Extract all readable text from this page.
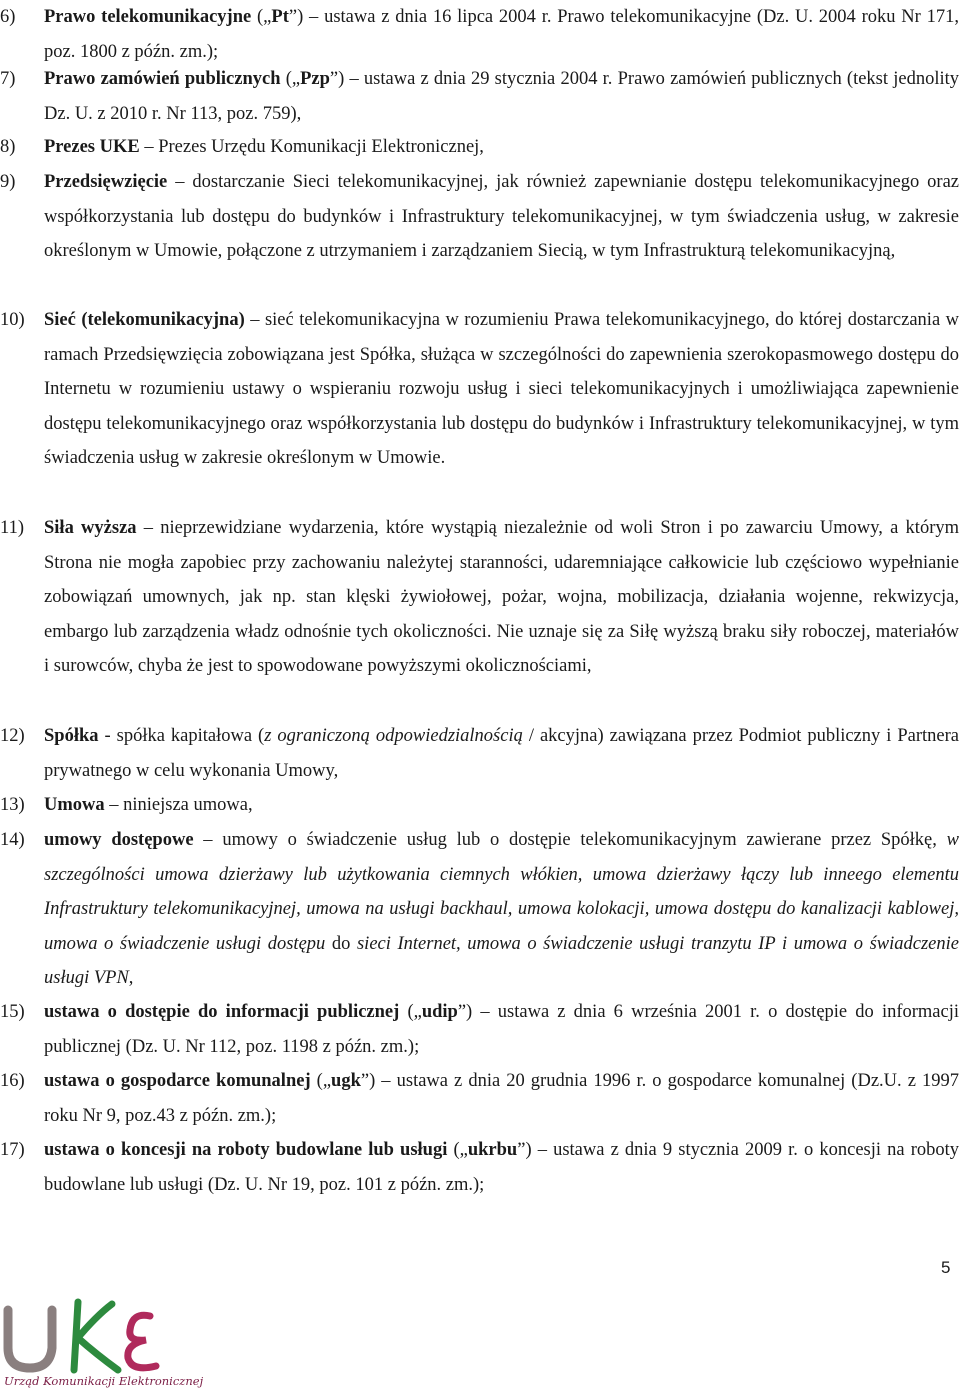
6) Prawo telekomunikacyjne („Pt”) – ustawa z dnia 16 lipca 2004 r. Prawo telekomunikacyjne (Dz. U. 2004 roku Nr 171, poz. 1800 z późn. zm.);
7) Prawo zamówień publicznych („Pzp”) – ustawa z dnia 29 stycznia 2004 r. Prawo zamówień publicznych (tekst jednolity Dz. U. z 2010 r. Nr 113, poz. 759),
8) Prezes UKE – Prezes Urzędu Komunikacji Elektronicznej,
9) Przedsięwzięcie – dostarczanie Sieci telekomunikacyjnej, jak również zapewnianie dostępu telekomunikacyjnego oraz współkorzystania lub dostępu do budynków i Infrastruktury telekomunikacyjnej, w tym świadczenia usług, w zakresie określonym w Umowie, połączone z utrzymaniem i zarządzaniem Siecią, w tym Infrastrukturą telekomunikacyjną,
10) Sieć (telekomunikacyjna) – sieć telekomunikacyjna w rozumieniu Prawa telekomunikacyjnego, do której dostarczania w ramach Przedsięwzięcia zobowiązana jest Spółka, służąca w szczególności do zapewnienia szerokopasmowego dostępu do Internetu w rozumieniu ustawy o wspieraniu rozwoju usług i sieci telekomunikacyjnych i umożliwiająca zapewnienie dostępu telekomunikacyjnego oraz współkorzystania lub dostępu do budynków i Infrastruktury telekomunikacyjnej, w tym świadczenia usług w zakresie określonym w Umowie.
11) Siła wyższa – nieprzewidziane wydarzenia, które wystąpią niezależnie od woli Stron i po zawarciu Umowy, a którym Strona nie mogła zapobiec przy zachowaniu należytej staranności, udaremniające całkowicie lub częściowo wypełnianie zobowiązań umownych, jak np. stan klęski żywiołowej, pożar, wojna, mobilizacja, działania wojenne, rekwizycja, embargo lub zarządzenia władz odnośnie tych okoliczności. Nie uznaje się za Siłę wyższą braku siły roboczej, materiałów i surowców, chyba że jest to spowodowane powyższymi okolicznościami,
12) Spółka - spółka kapitałowa (z ograniczoną odpowiedzialnością / akcyjna) zawiązana przez Podmiot publiczny i Partnera prywatnego w celu wykonania Umowy,
13) Umowa – niniejsza umowa,
14) umowy dostępowe – umowy o świadczenie usług lub o dostępie telekomunikacyjnym zawierane przez Spółkę, w szczególności umowa dzierżawy lub użytkowania ciemnych włókien, umowa dzierżawy łączy lub inneego elementu Infrastruktury telekomunikacyjnej, umowa na usługi backhaul, umowa kolokacji, umowa dostępu do kanalizacji kablowej, umowa o świadczenie usługi dostępu do sieci Internet, umowa o świadczenie usługi tranzytu IP i umowa o świadczenie usługi VPN,
15) ustawa o dostępie do informacji publicznej („udip”) – ustawa z dnia 6 września 2001 r. o dostępie do informacji publicznej (Dz. U. Nr 112, poz. 1198 z późn. zm.);
16) ustawa o gospodarce komunalnej („ugk”) – ustawa z dnia 20 grudnia 1996 r. o gospodarce komunalnej (Dz.U. z 1997 roku Nr 9, poz.43 z późn. zm.);
17) ustawa o koncesji na roboty budowlane lub usługi („ukrbu”) – ustawa z dnia 9 stycznia 2009 r. o koncesji na roboty budowlane lub usługi (Dz. U. Nr 19, poz. 101 z późn. zm.);
5
Urząd Komunikacji Elektronicznej
